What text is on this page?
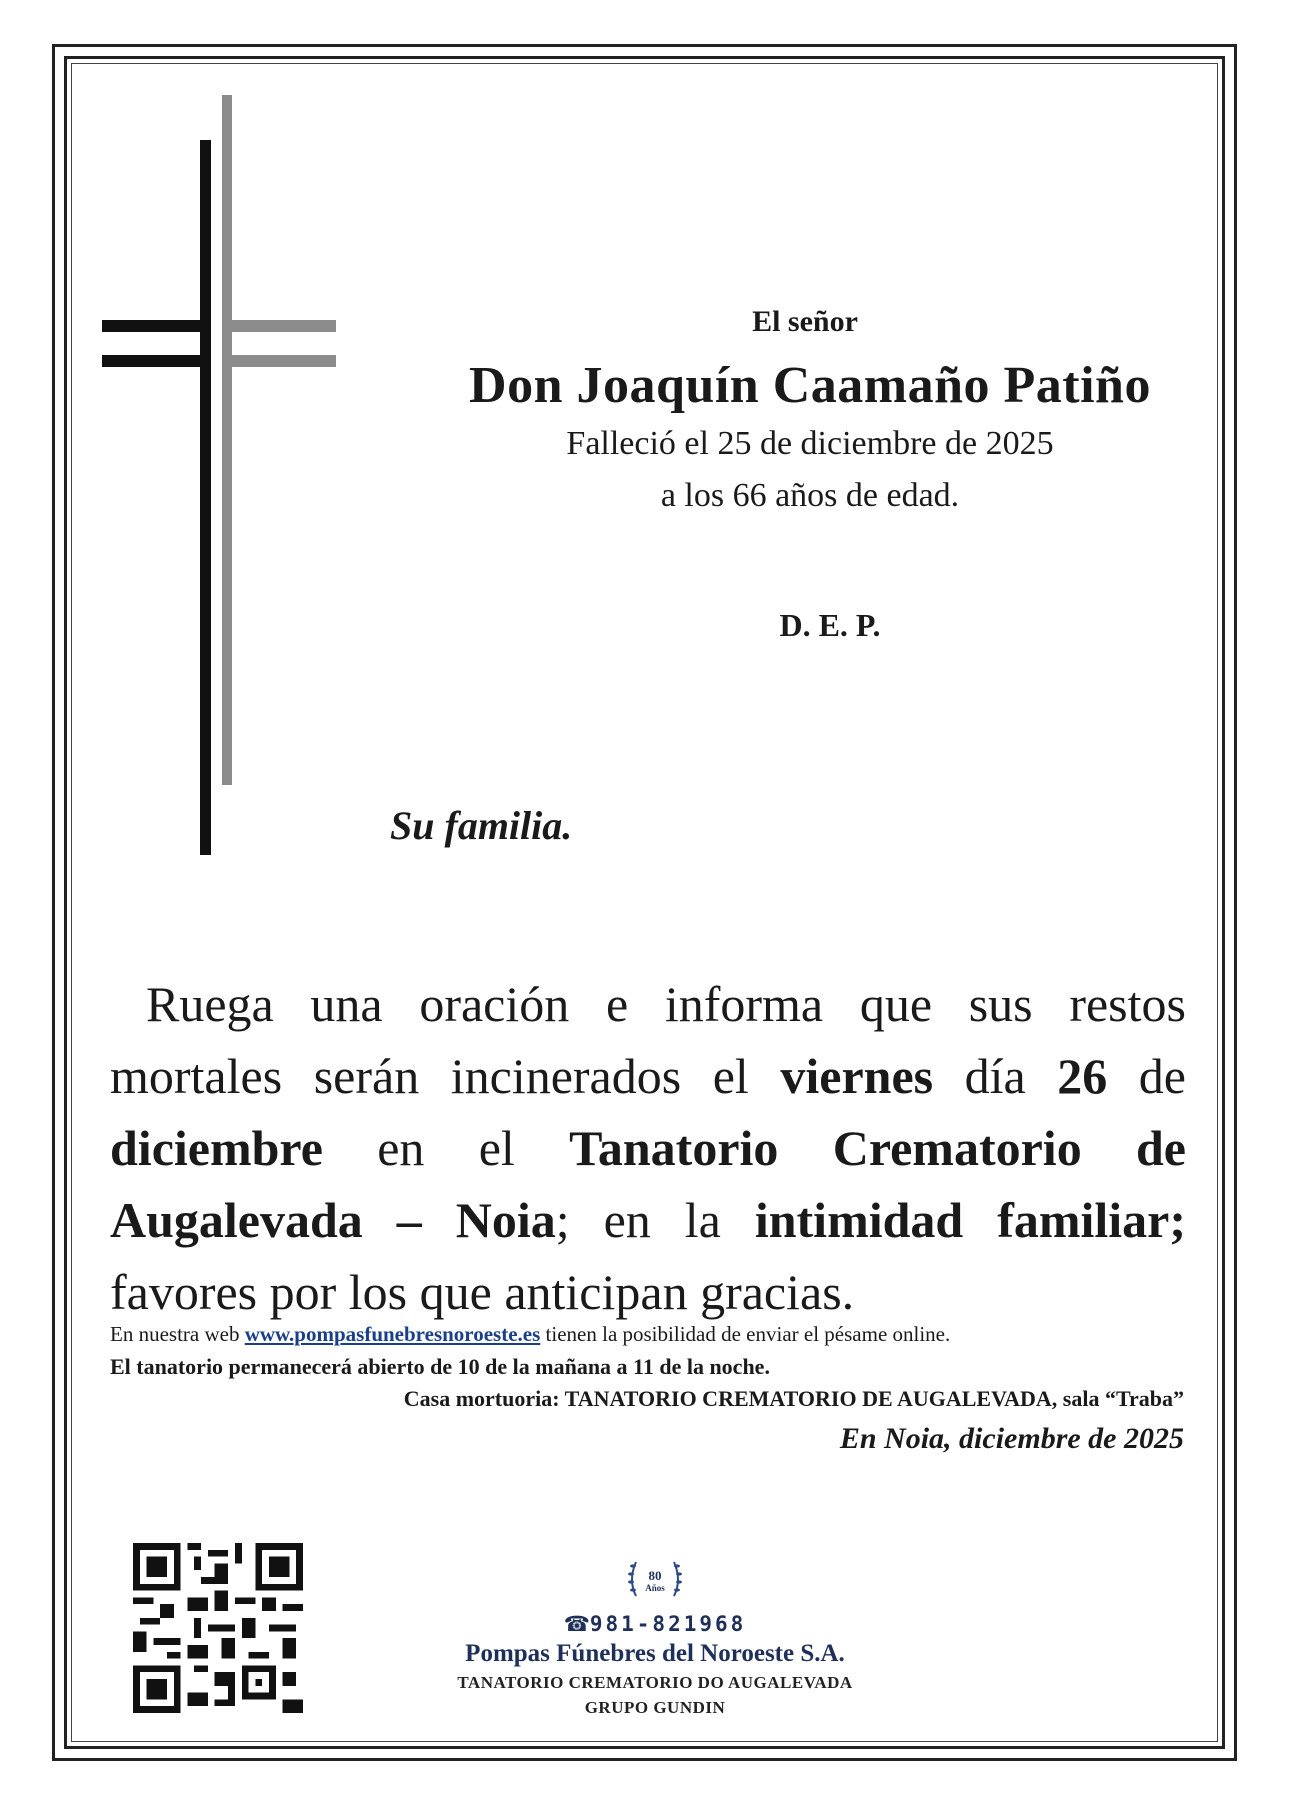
El señor
Don Joaquín Caamaño Patiño
Falleció el 25 de diciembre de 2025
a los 66 años de edad.
D. E. P.
Su familia.
Ruega una oración e informa que sus restos mortales serán incinerados el viernes día 26 de diciembre en el Tanatorio Crematorio de Augalevada – Noia; en la intimidad familiar; favores por los que anticipan gracias.
En nuestra web www.pompasfunebresnoroeste.es tienen la posibilidad de enviar el pésame online.
El tanatorio permanecerá abierto de 10 de la mañana a 11 de la noche.
Casa mortuoria: TANATORIO CREMATORIO DE AUGALEVADA, sala “Traba”
En Noia, diciembre de 2025
80
Años
☎981-821968
Pompas Fúnebres del Noroeste S.A.
TANATORIO CREMATORIO DO AUGALEVADA
GRUPO GUNDIN
